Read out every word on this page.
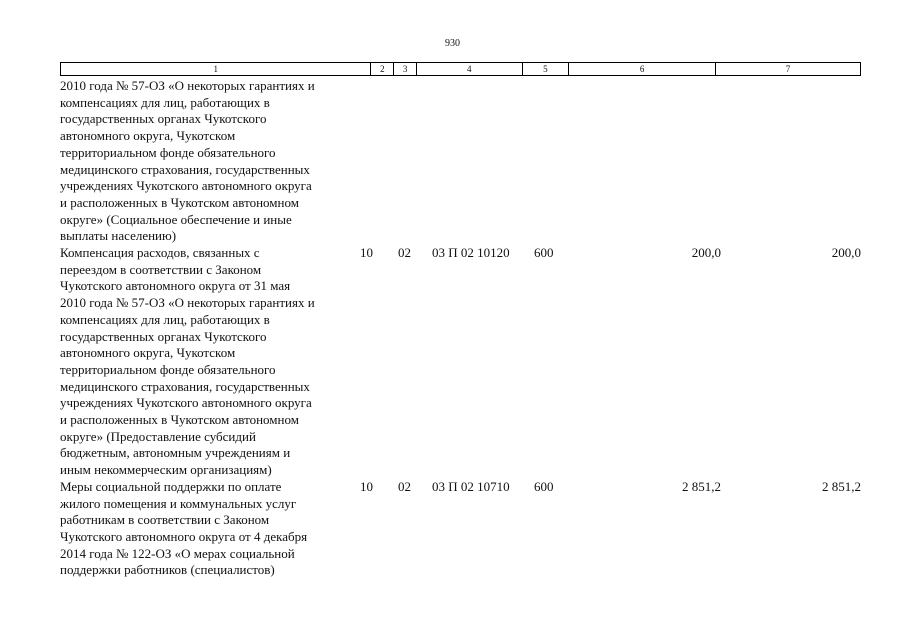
930
1	2	3	4	5	6	7
2010 года № 57-ОЗ «О некоторых гарантиях и
компенсациях для лиц, работающих в
государственных органах Чукотского
автономного округа, Чукотском
территориальном фонде обязательного
медицинского страхования, государственных
учреждениях Чукотского автономного округа
и расположенных в Чукотском автономном
округе» (Социальное обеспечение и иные
выплаты населению)
Компенсация расходов, связанных с
переездом в соответствии с Законом
Чукотского автономного округа от 31 мая
2010 года № 57-ОЗ «О некоторых гарантиях и
компенсациях для лиц, работающих в
государственных органах Чукотского
автономного округа, Чукотском
территориальном фонде обязательного
медицинского страхования, государственных
учреждениях Чукотского автономного округа
и расположенных в Чукотском автономном
округе» (Предоставление субсидий
бюджетным, автономным учреждениям и
иным некоммерческим организациям)
10	02	03 П 02 10120	600	200,0	200,0
Меры социальной поддержки по оплате
жилого помещения и коммунальных услуг
работникам в соответствии с Законом
Чукотского автономного округа от 4 декабря
2014 года № 122-ОЗ «О мерах социальной
поддержки работников (специалистов)
10	02	03 П 02 10710	600	2 851,2	2 851,2
